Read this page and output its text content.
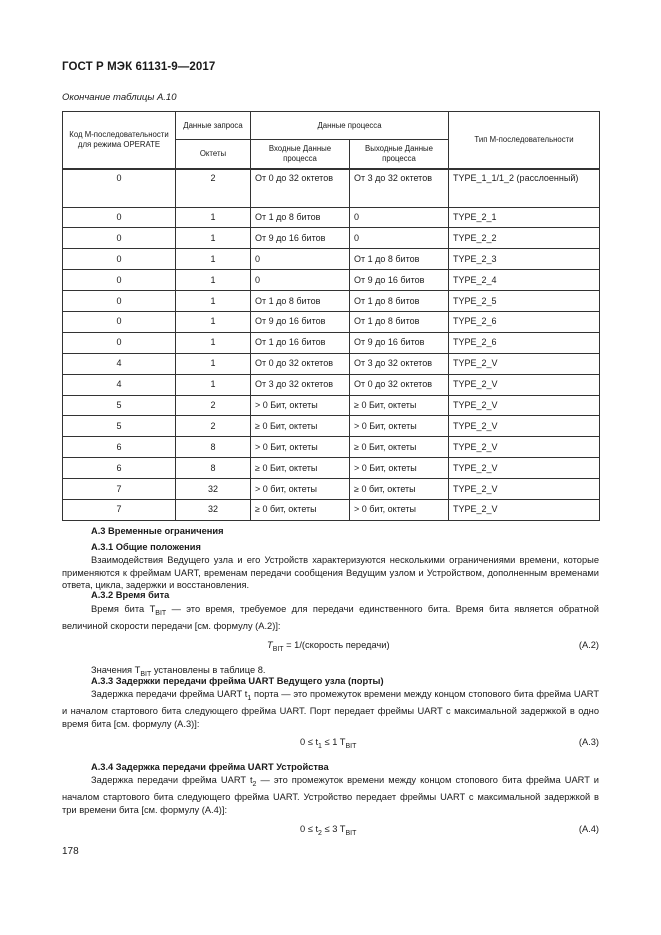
ГОСТ Р МЭК 61131-9—2017
Окончание таблицы А.10
Код M-последовательности для режима OPERATE	Данные запроса	Данные процесса		Тип M-последовательности
	Октеты	Входные Данные процесса	Выходные Данные процесса	
0	2	От 0 до 32 октетов	От 3 до 32 октетов	TYPE_1_1/1_2 (расслоенный)
0	1	От 1 до 8 битов	0	TYPE_2_1
0	1	От 9 до 16 битов	0	TYPE_2_2
0	1	0	От 1 до 8 битов	TYPE_2_3
0	1	0	От 9 до 16 битов	TYPE_2_4
0	1	От 1 до 8 битов	От 1 до 8 битов	TYPE_2_5
0	1	От 9 до 16 битов	От 1 до 8 битов	TYPE_2_6
0	1	От 1 до 16 битов	От 9 до 16 битов	TYPE_2_6
4	1	От 0 до 32 октетов	От 3 до 32 октетов	TYPE_2_V
4	1	От 3 до 32 октетов	От 0 до 32 октетов	TYPE_2_V
5	2	> 0 Бит, октеты	≥ 0 Бит, октеты	TYPE_2_V
5	2	≥ 0 Бит, октеты	> 0 Бит, октеты	TYPE_2_V
6	8	> 0 Бит, октеты	≥ 0 Бит, октеты	TYPE_2_V
6	8	≥ 0 Бит, октеты	> 0 Бит, октеты	TYPE_2_V
7	32	> 0 бит, октеты	≥ 0 бит, октеты	TYPE_2_V
7	32	≥ 0 бит, октеты	> 0 бит, октеты	TYPE_2_V
А.3 Временные ограничения
А.3.1 Общие положения
Взаимодействия Ведущего узла и его Устройств характеризуются несколькими ограничениями времени, которые применяются к фреймам UART, временам передачи сообщения Ведущим узлом и Устройством, дополненным временами ответа, цикла, задержки и восстановления.
А.3.2 Время бита
Время бита $T_{BIT}$ — это время, требуемое для передачи единственного бита. Время бита является обратной величиной скорости передачи [см. формулу (А.2)]:
$T_{BIT}$ = 1/(скорость передачи)	(А.2)
Значения $T_{BIT}$ установлены в таблице 8.
А.3.3 Задержки передачи фрейма UART Ведущего узла (порты)
Задержка передачи фрейма UART $t_1$ порта — это промежуток времени между концом стопового бита фрейма UART и началом стартового бита следующего фрейма UART. Порт передает фреймы UART с максимальной задержкой в одно время бита [см. формулу (А.3)]:
$0 \le t_1 \le 1$ $T_{BIT}$	(А.3)
А.3.4 Задержка передачи фрейма UART Устройства
Задержка передачи фрейма UART $t_2$ — это промежуток времени между концом стопового бита фрейма UART и началом стартового бита следующего фрейма UART. Устройство передает фреймы UART с максимальной задержкой в три времени бита [см. формулу (А.4)]:
$0 \le t_2 \le 3$ $T_{BIT}$	(А.4)
178
